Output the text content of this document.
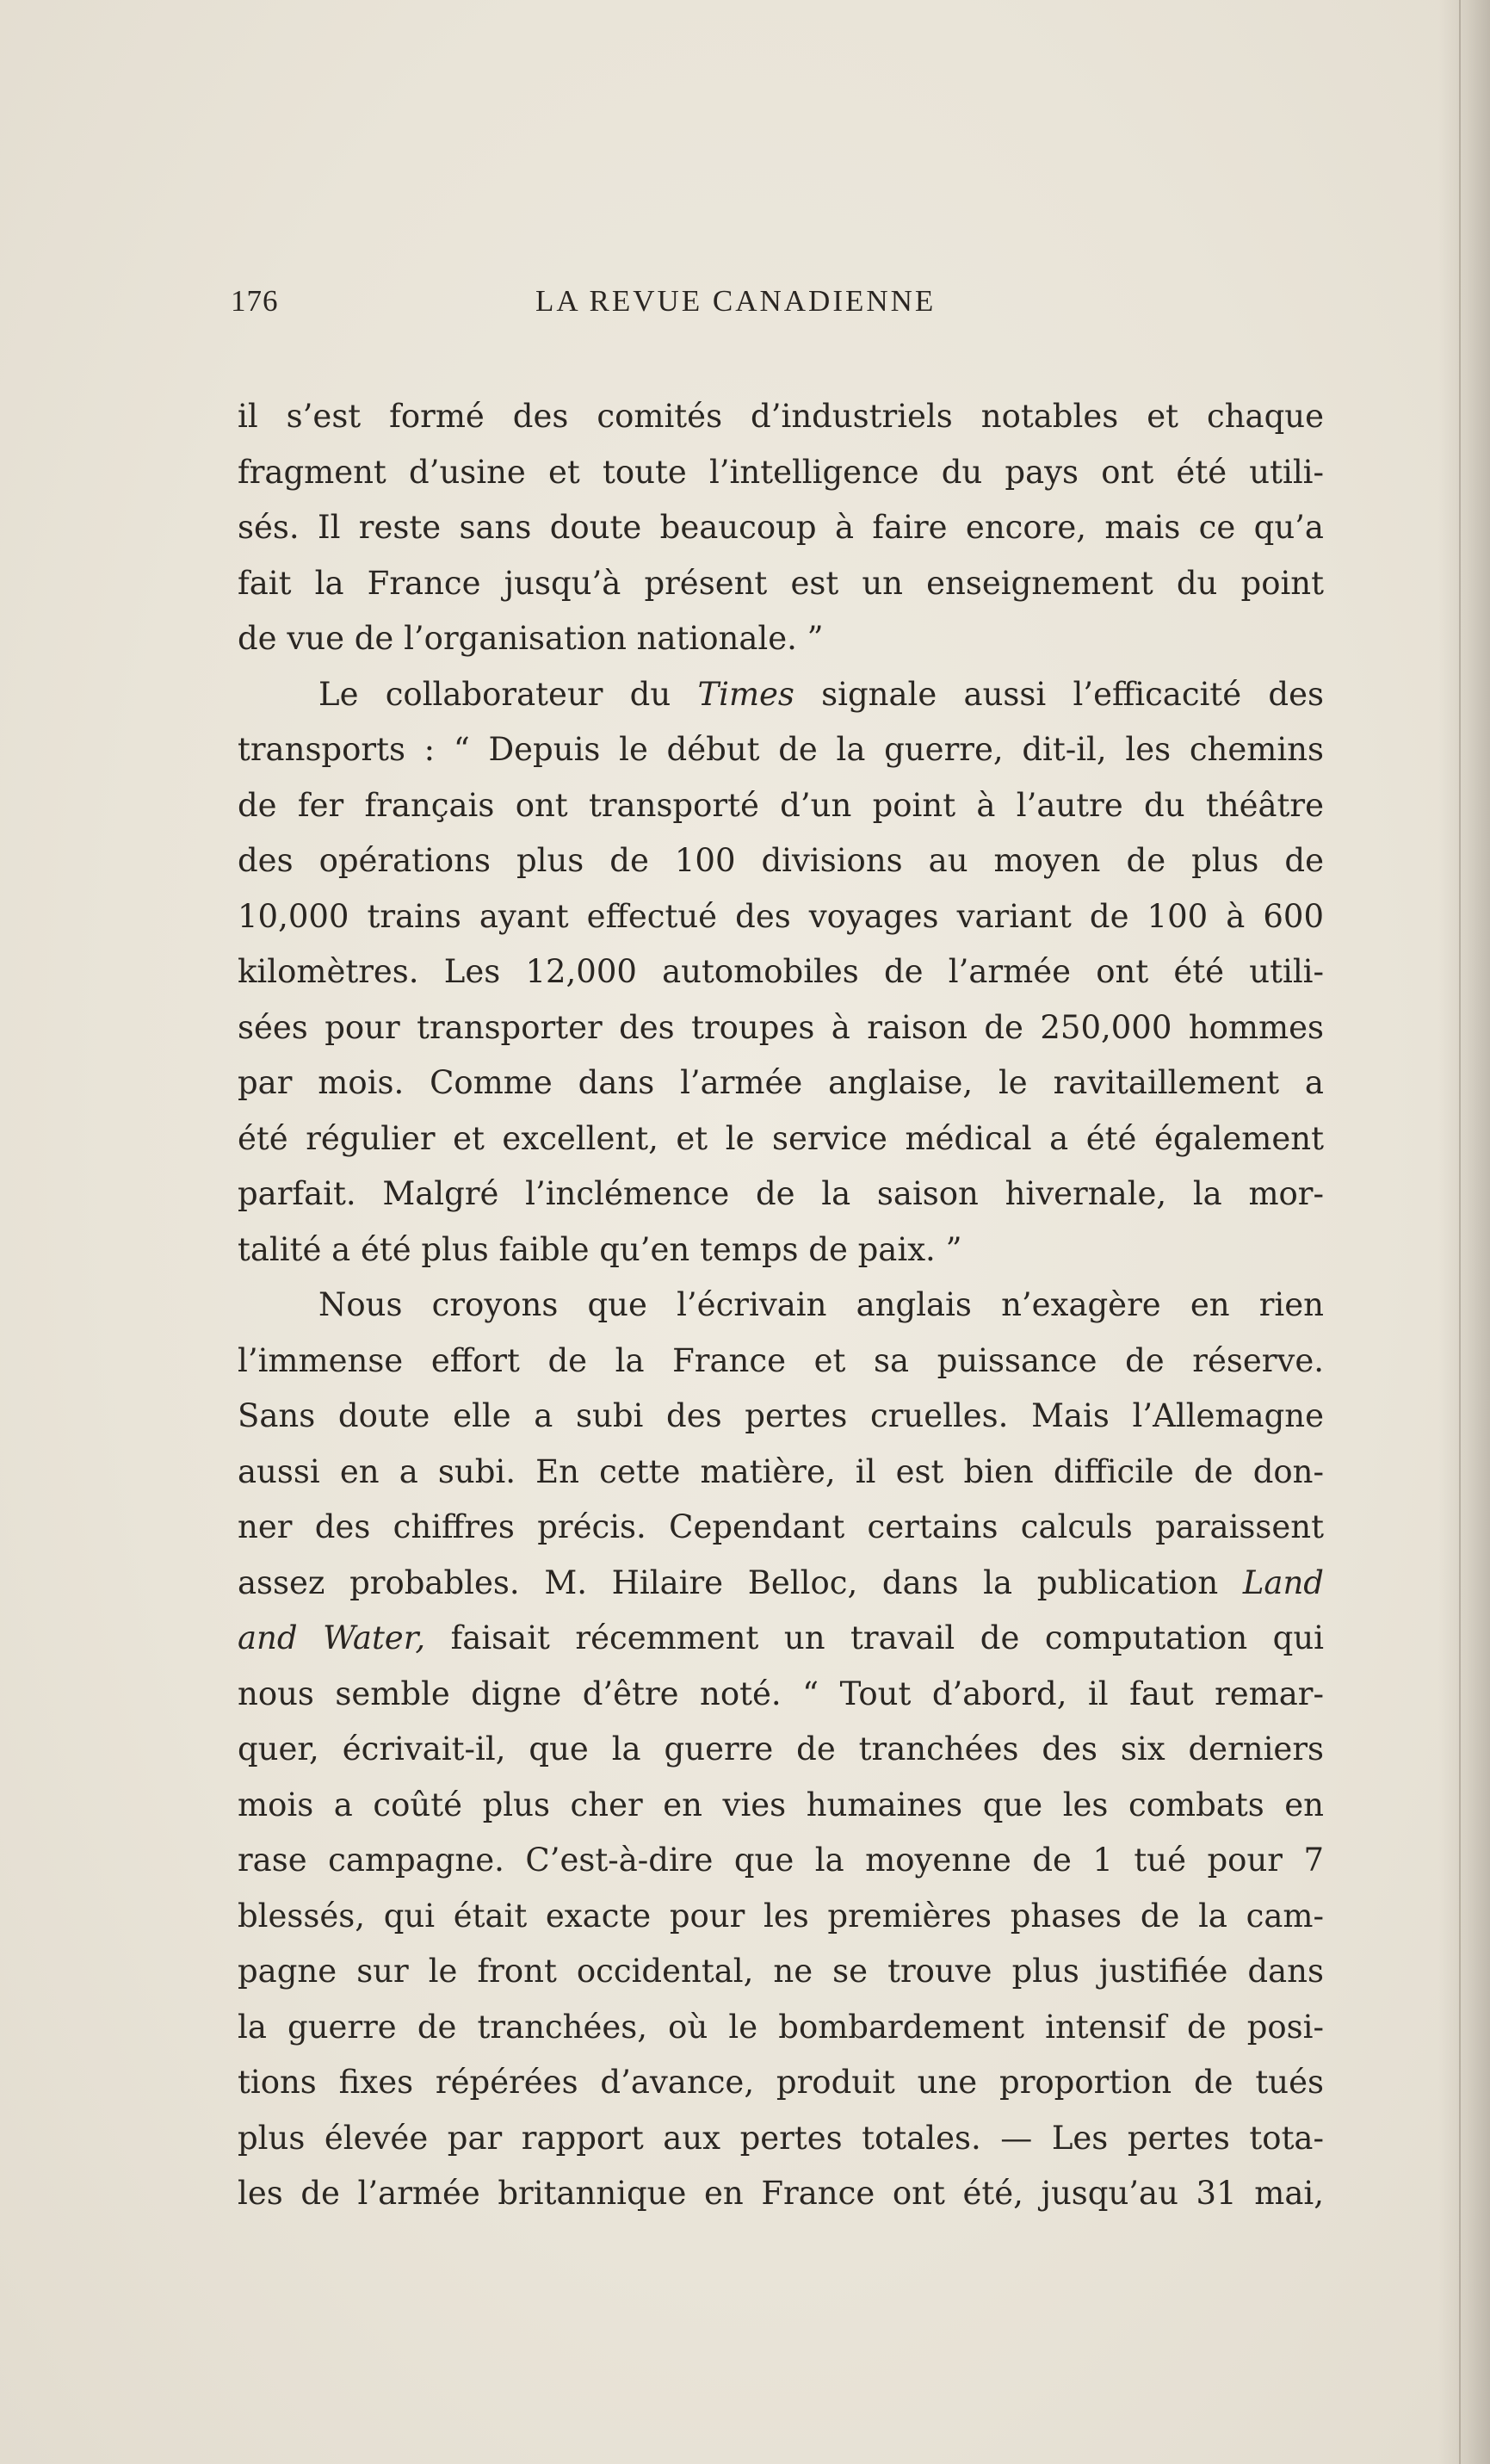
176	LA REVUE CANADIENNE
il s’est formé des comités d’industriels notables et chaque
fragment d’usine et toute l’intelligence du pays ont été utili-
sés. Il reste sans doute beaucoup à faire encore, mais ce qu’a
fait la France jusqu’à présent est un enseignement du point
de vue de l’organisation nationale. ”
Le collaborateur du Times signale aussi l’efficacité des
transports : “ Depuis le début de la guerre, dit-il, les chemins
de fer français ont transporté d’un point à l’autre du théâtre
des opérations plus de 100 divisions au moyen de plus de
10,000 trains ayant effectué des voyages variant de 100 à 600
kilomètres. Les 12,000 automobiles de l’armée ont été utili-
sées pour transporter des troupes à raison de 250,000 hommes
par mois. Comme dans l’armée anglaise, le ravitaillement a
été régulier et excellent, et le service médical a été également
parfait. Malgré l’inclémence de la saison hivernale, la mor-
talité a été plus faible qu’en temps de paix. ”
Nous croyons que l’écrivain anglais n’exagère en rien
l’immense effort de la France et sa puissance de réserve.
Sans doute elle a subi des pertes cruelles. Mais l’Allemagne
aussi en a subi. En cette matière, il est bien difficile de don-
ner des chiffres précis. Cependant certains calculs paraissent
assez probables. M. Hilaire Belloc, dans la publication Land
and Water, faisait récemment un travail de computation qui
nous semble digne d’être noté. “ Tout d’abord, il faut remar-
quer, écrivait-il, que la guerre de tranchées des six derniers
mois a coûté plus cher en vies humaines que les combats en
rase campagne. C’est-à-dire que la moyenne de 1 tué pour 7
blessés, qui était exacte pour les premières phases de la cam-
pagne sur le front occidental, ne se trouve plus justifiée dans
la guerre de tranchées, où le bombardement intensif de posi-
tions fixes répérées d’avance, produit une proportion de tués
plus élevée par rapport aux pertes totales. — Les pertes tota-
les de l’armée britannique en France ont été, jusqu’au 31 mai,
